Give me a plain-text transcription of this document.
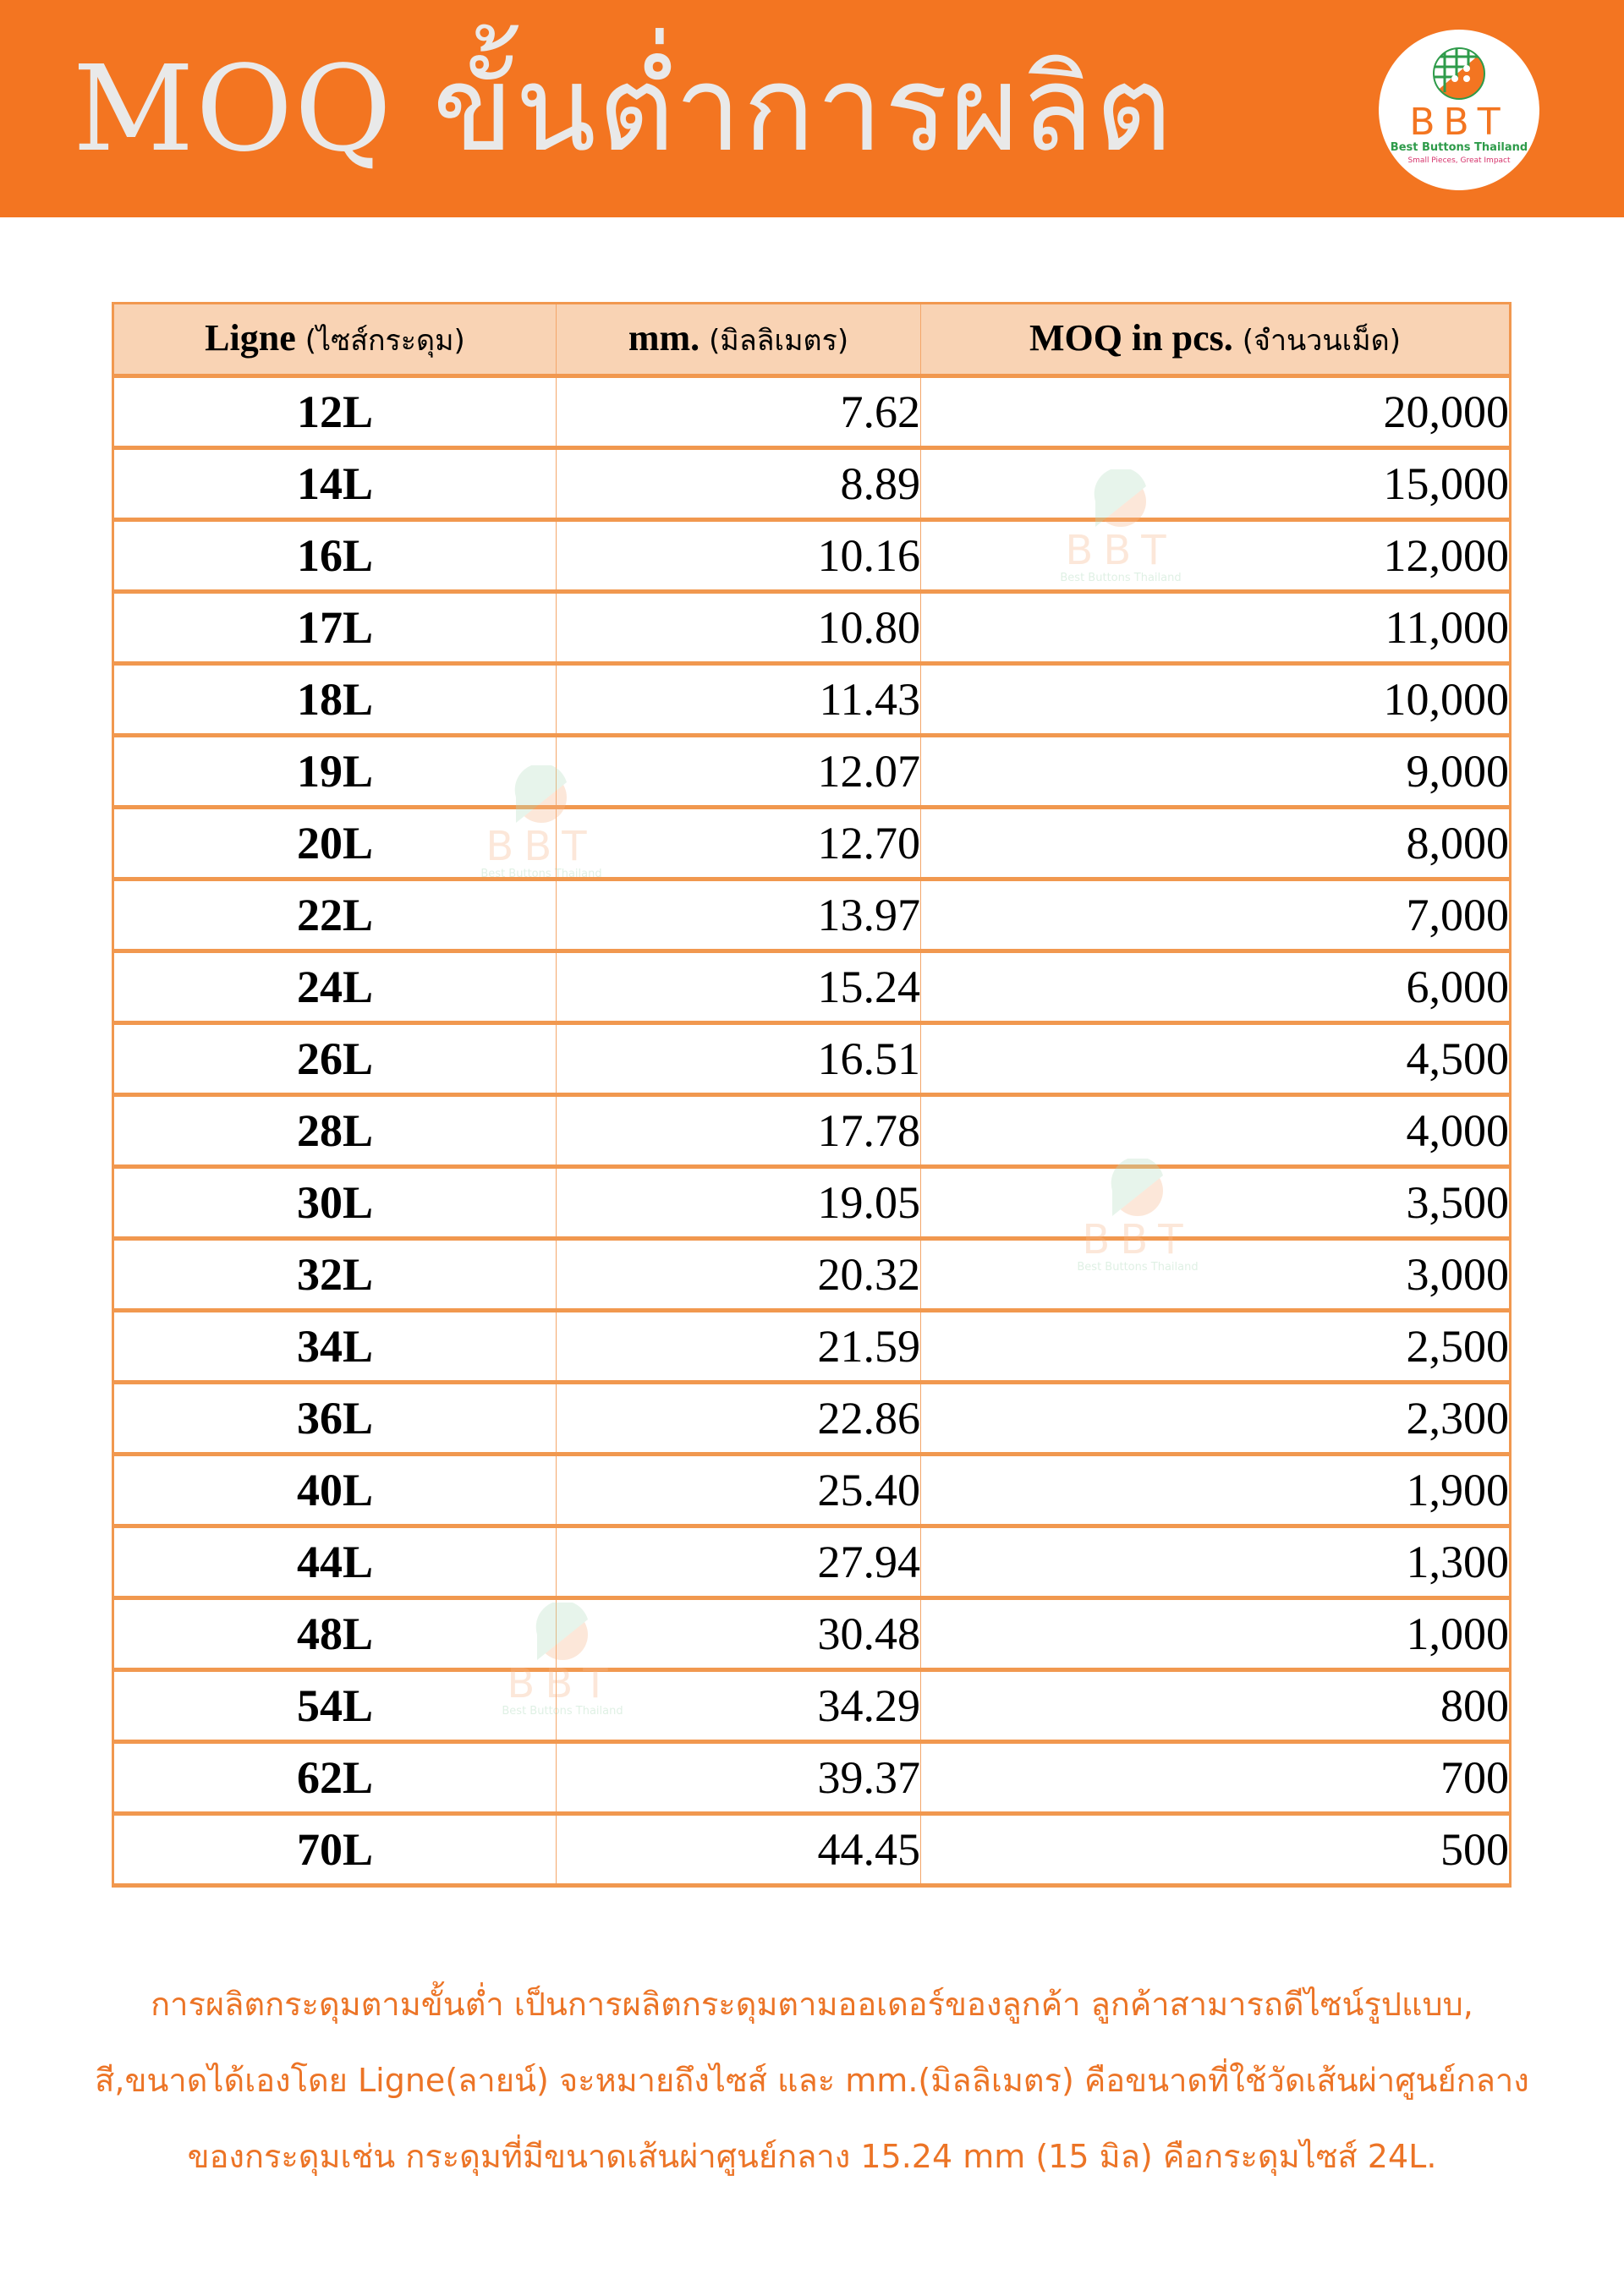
MOQ ขั้นต่ำการผลิต	BBT
Best Buttons Thailand
Small Pieces, Great Impact
Ligne (ไซส์กระดุม)	mm. (มิลลิเมตร)	MOQ in pcs. (จำนวนเม็ด)
12L	7.62	20,000
14L	8.89	15,000
16L	10.16	12,000
17L	10.80	11,000
18L	11.43	10,000
19L	12.07	9,000
20L	12.70	8,000
22L	13.97	7,000
24L	15.24	6,000
26L	16.51	4,500
28L	17.78	4,000
30L	19.05	3,500
32L	20.32	3,000
34L	21.59	2,500
36L	22.86	2,300
40L	25.40	1,900
44L	27.94	1,300
48L	30.48	1,000
54L	34.29	800
62L	39.37	700
70L	44.45	500
BBT
Best Buttons Thailand
BBT
Best Buttons Thailand
BBT
Best Buttons Thailand
BBT
Best Buttons Thailand

การผลิตกระดุมตามขั้นต่ำ เป็นการผลิตกระดุมตามออเดอร์ของลูกค้า ลูกค้าสามารถดีไซน์รูปแบบ,

สี,ขนาดได้เองโดย Ligne(ลายน์) จะหมายถึงไซส์ และ mm.(มิลลิเมตร) คือขนาดที่ใช้วัดเส้นผ่าศูนย์กลาง

ของกระดุมเช่น กระดุมที่มีขนาดเส้นผ่าศูนย์กลาง 15.24 mm (15 มิล) คือกระดุมไซส์ 24L.
